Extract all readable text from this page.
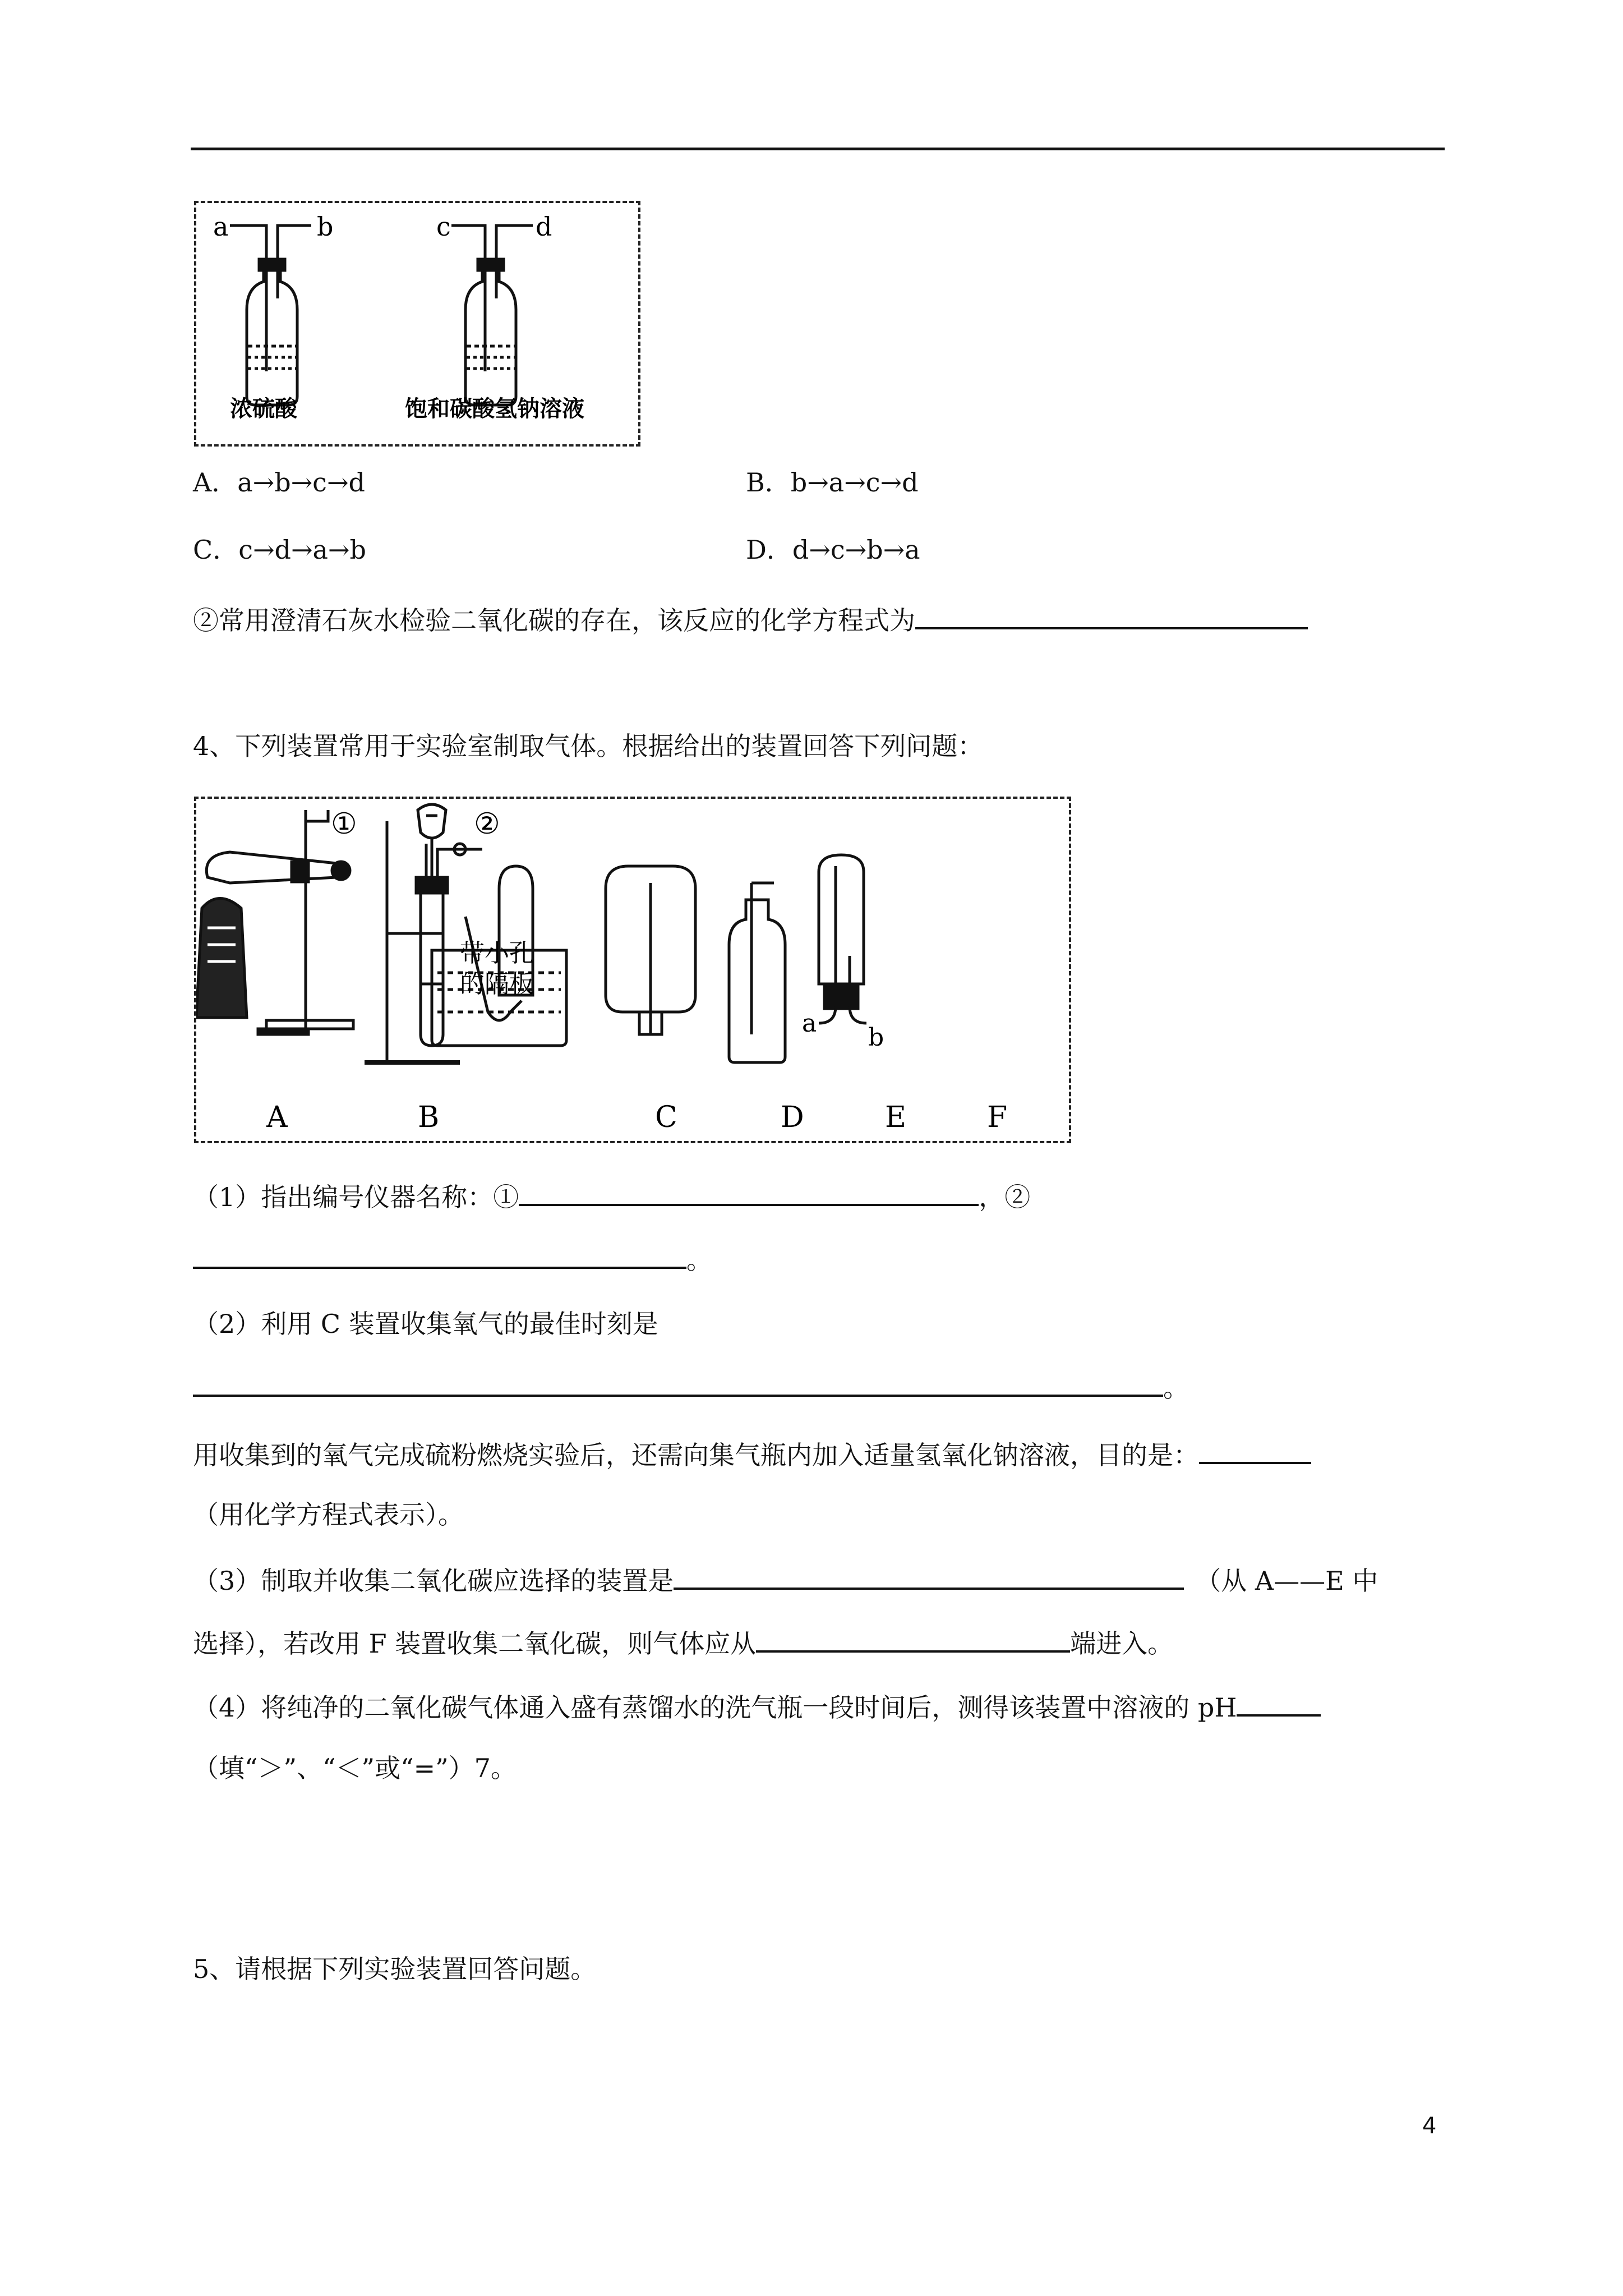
a	b	c	d
浓硫酸	饱和碳酸氢钠溶液
A．a→b→c→d	B．b→a→c→d
C．c→d→a→b	D．d→c→b→a
②常用澄清石灰水检验二氧化碳的存在，该反应的化学方程式为
4、下列装置常用于实验室制取气体。根据给出的装置回答下列问题：
①	②
带小孔
的隔板
a b
A	B	C	D	E	F
（1）指出编号仪器名称：①	，②
。
（2）利用 C 装置收集氧气的最佳时刻是
。
用收集到的氧气完成硫粉燃烧实验后，还需向集气瓶内加入适量氢氧化钠溶液，目的是：
（用化学方程式表示）。
（3）制取并收集二氧化碳应选择的装置是	（从 A——E 中
选择），若改用 F 装置收集二氧化碳，则气体应从	端进入。
（4）将纯净的二氧化碳气体通入盛有蒸馏水的洗气瓶一段时间后，测得该装置中溶液的 pH
（填“＞”、“＜”或“=”）7。
5、请根据下列实验装置回答问题。
4
